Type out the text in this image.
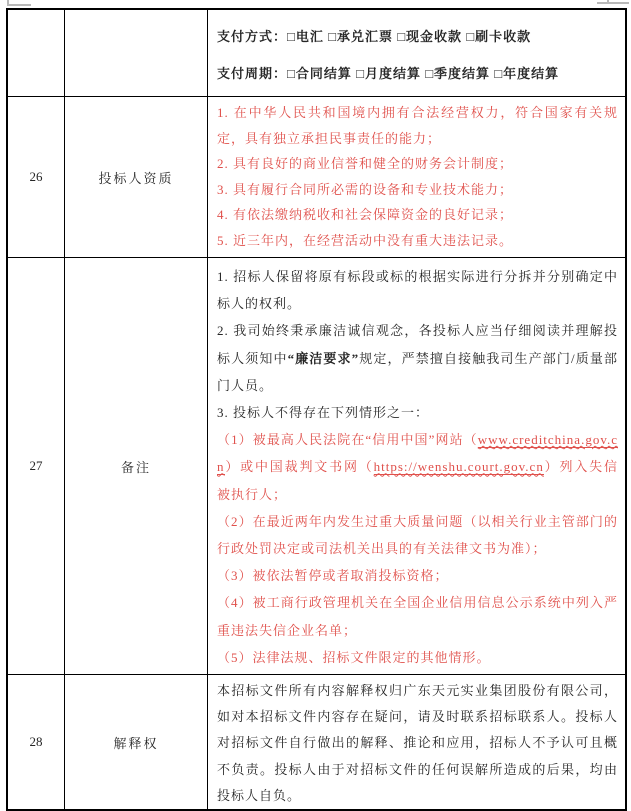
		支付方式：□电汇 □承兑汇票 □现金收款 □刷卡收款

支付周期：□合同结算 □月度结算 □季度结算 □年度结算

26	投标人资质	1. 在中华人民共和国境内拥有合法经营权力，符合国家有关规定，具有独立承担民事责任的能力；

2. 具有良好的商业信誉和健全的财务会计制度；

3. 具有履行合同所必需的设备和专业技术能力；

4. 有依法缴纳税收和社会保障资金的良好记录；

5. 近三年内，在经营活动中没有重大违法记录。

27	备注	

1. 招标人保留将原有标段或标的根据实际进行分拆并分别确定中标人的权利。

2. 我司始终秉承廉洁诚信观念，各投标人应当仔细阅读并理解投标人须知中“廉洁要求”规定，严禁擅自接触我司生产部门/质量部门人员。

3. 投标人不得存在下列情形之一：

（1）被最高人民法院在“信用中国”网站（www.creditchina.gov.cn）或中国裁判文书网（https://wenshu.court.gov.cn）列入失信被执行人；

（2）在最近两年内发生过重大质量问题（以相关行业主管部门的行政处罚决定或司法机关出具的有关法律文书为准）；

（3）被依法暂停或者取消投标资格；

（4）被工商行政管理机关在全国企业信用信息公示系统中列入严重违法失信企业名单；

（5）法律法规、招标文件限定的其他情形。

28	解释权	本招标文件所有内容解释权归广东天元实业集团股份有限公司，如对本招标文件内容存在疑问，请及时联系招标联系人。投标人对招标文件自行做出的解释、推论和应用，招标人不予认可且概不负责。投标人由于对招标文件的任何误解所造成的后果，均由投标人自负。
